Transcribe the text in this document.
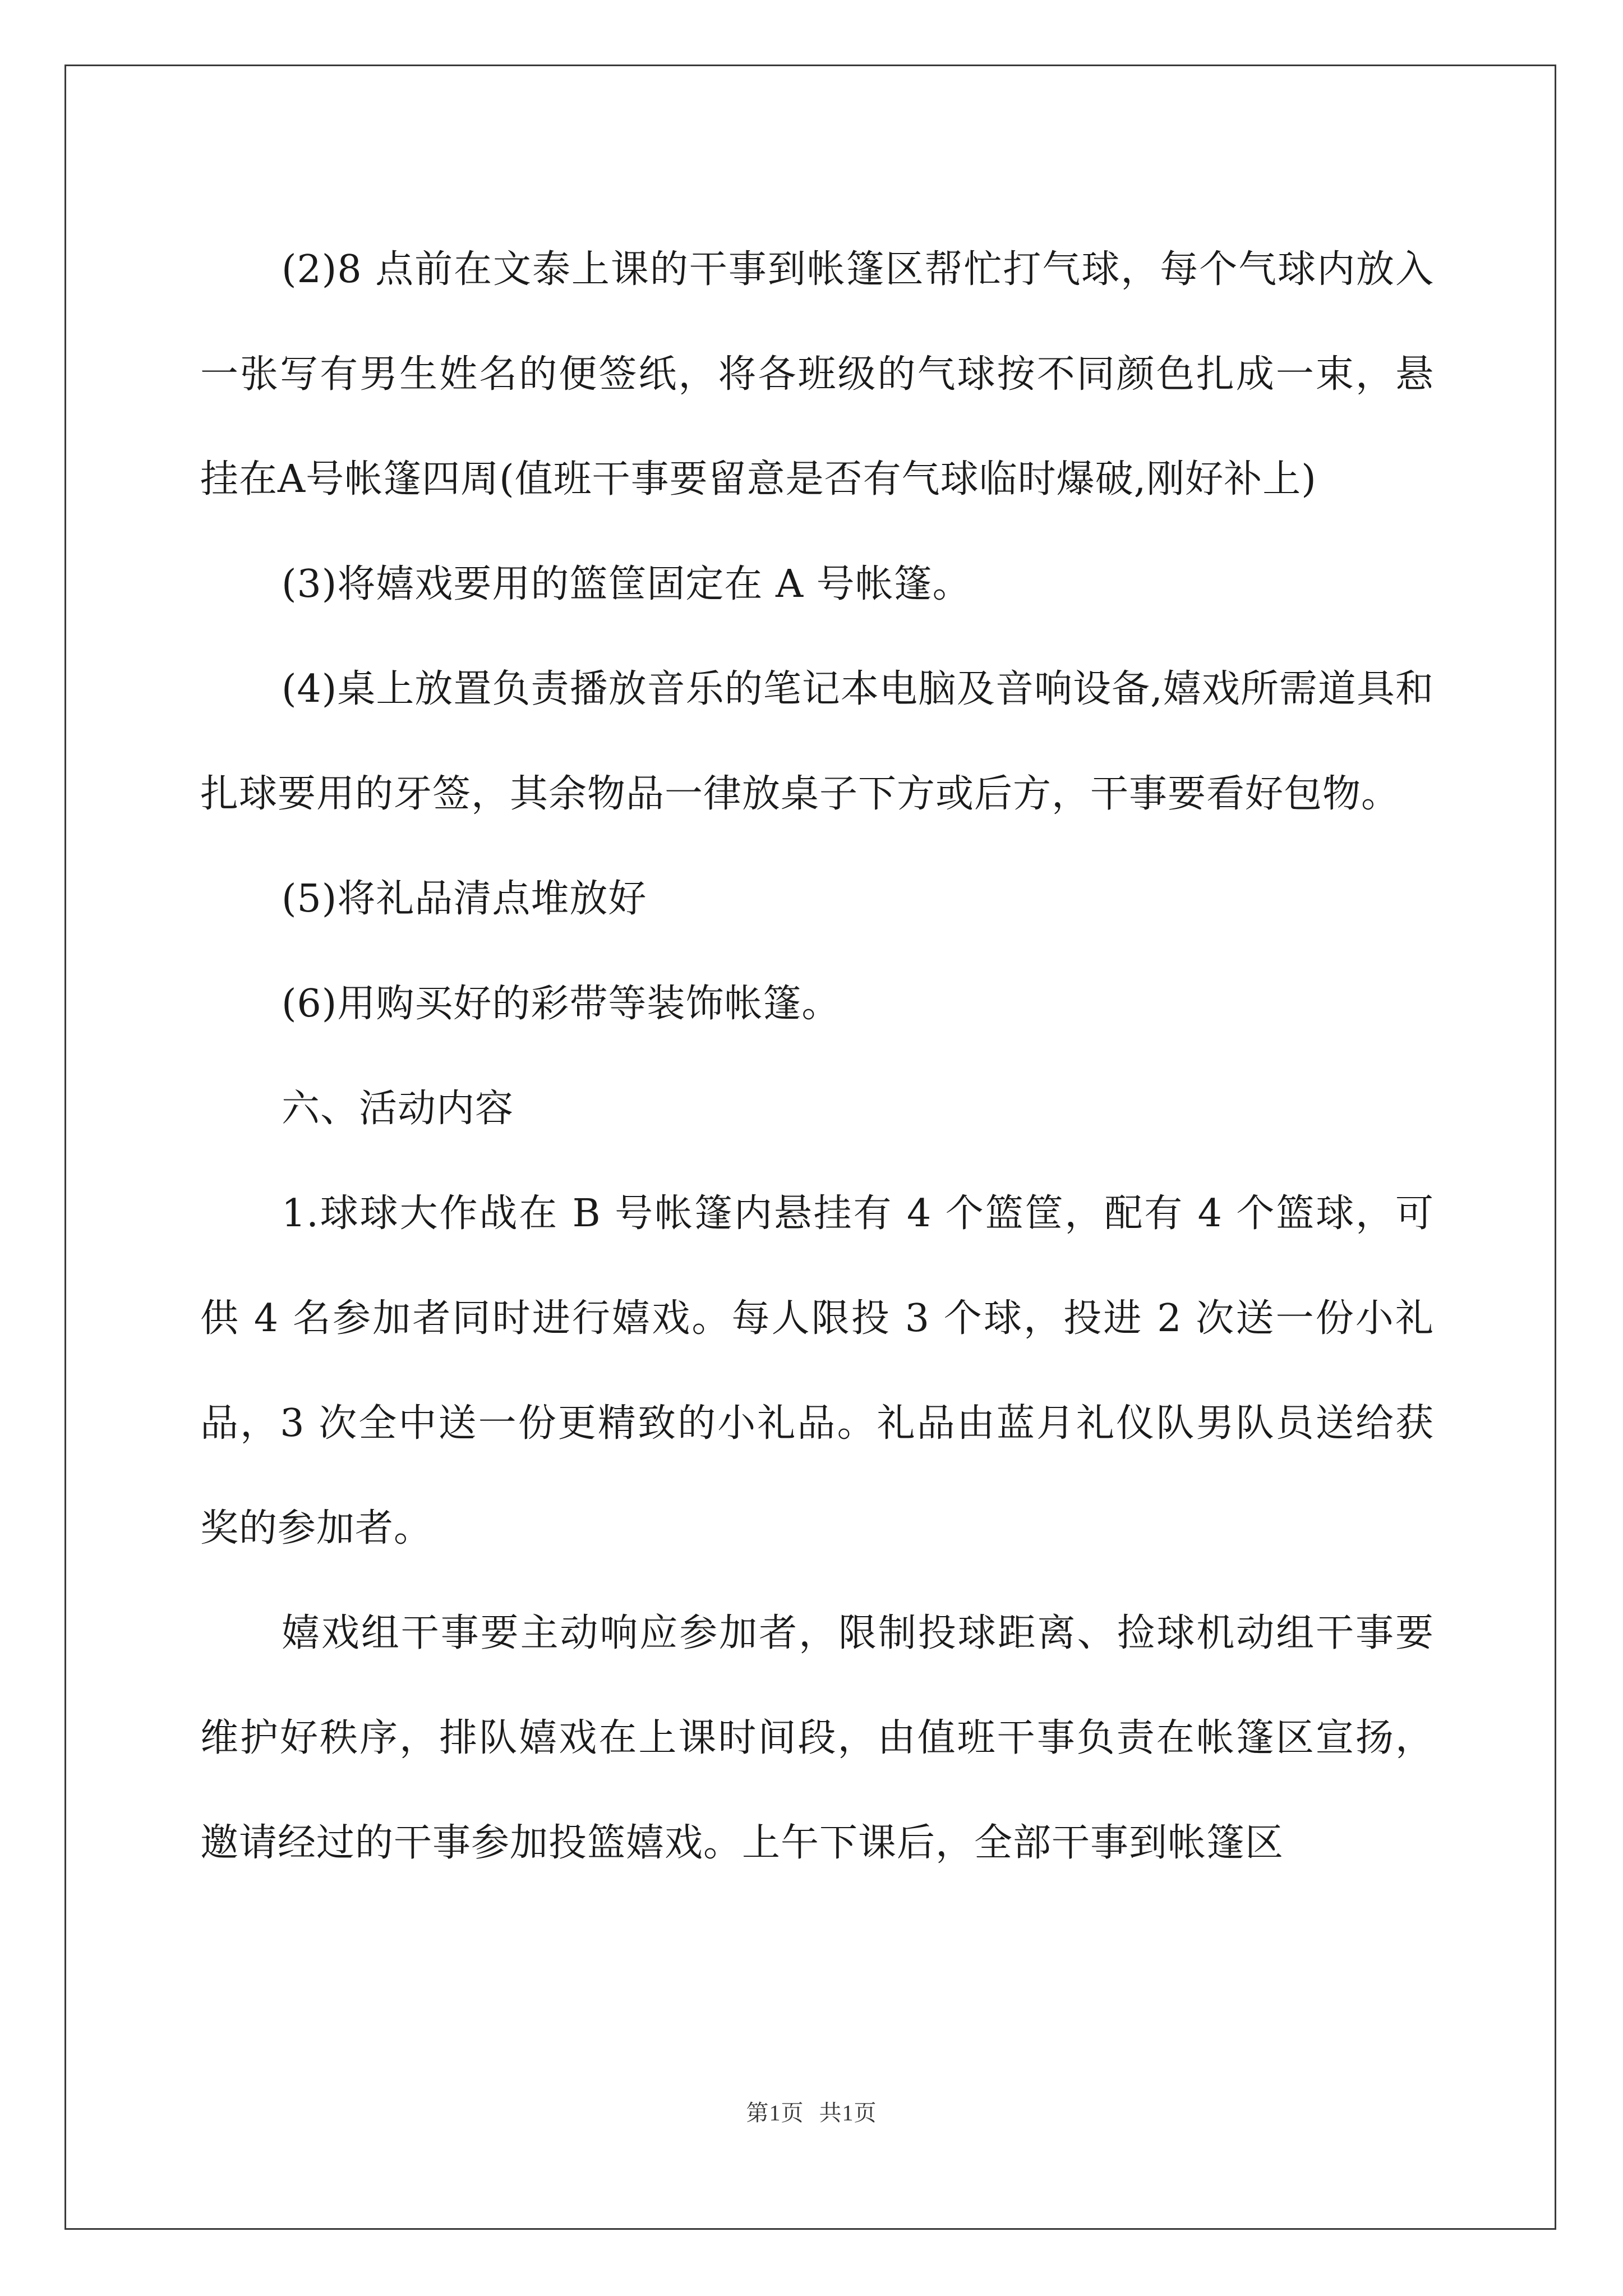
(2)8 点前在文泰上课的干事到帐篷区帮忙打气球，每个气球内放入一张写有男生姓名的便签纸，将各班级的气球按不同颜色扎成一束，悬挂在A号帐篷四周(值班干事要留意是否有气球临时爆破,刚好补上)

(3)将嬉戏要用的篮筐固定在 A 号帐篷。

(4)桌上放置负责播放音乐的笔记本电脑及音响设备,嬉戏所需道具和扎球要用的牙签，其余物品一律放桌子下方或后方，干事要看好包物。

(5)将礼品清点堆放好

(6)用购买好的彩带等装饰帐篷。

六、活动内容

1.球球大作战在 B 号帐篷内悬挂有 4 个篮筐，配有 4 个篮球，可供 4 名参加者同时进行嬉戏。每人限投 3 个球，投进 2 次送一份小礼品，3 次全中送一份更精致的小礼品。礼品由蓝月礼仪队男队员送给获奖的参加者。

嬉戏组干事要主动响应参加者，限制投球距离、捡球机动组干事要维护好秩序，排队嬉戏在上课时间段，由值班干事负责在帐篷区宣扬，邀请经过的干事参加投篮嬉戏。上午下课后，全部干事到帐篷区

第1页 共1页
